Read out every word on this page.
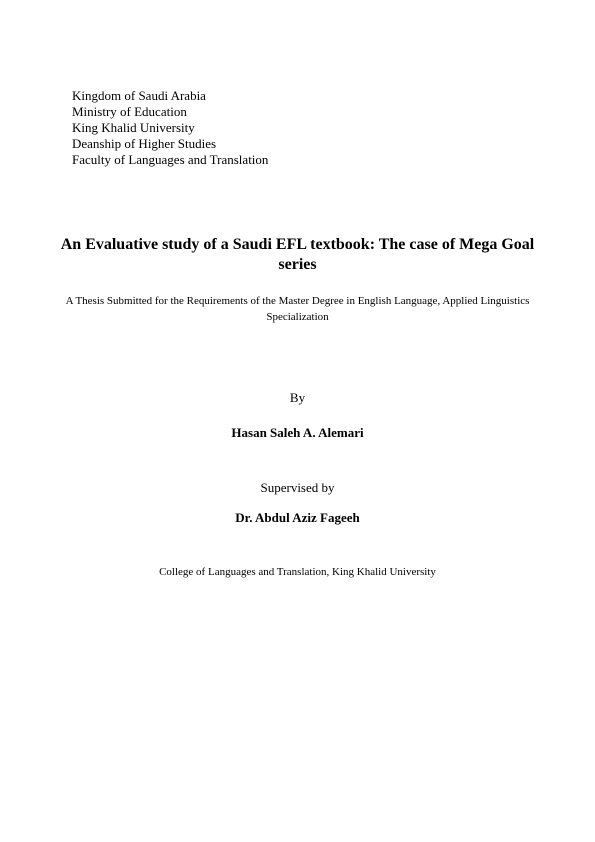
Kingdom of Saudi Arabia
Ministry of Education
King Khalid University
Deanship of Higher Studies
Faculty of Languages and Translation
An Evaluative study of a Saudi EFL textbook: The case of Mega Goal series
A Thesis Submitted for the Requirements of the Master Degree in English Language, Applied Linguistics Specialization
By
Hasan Saleh A. Alemari
Supervised by
Dr. Abdul Aziz Fageeh
College of Languages and Translation, King Khalid University
